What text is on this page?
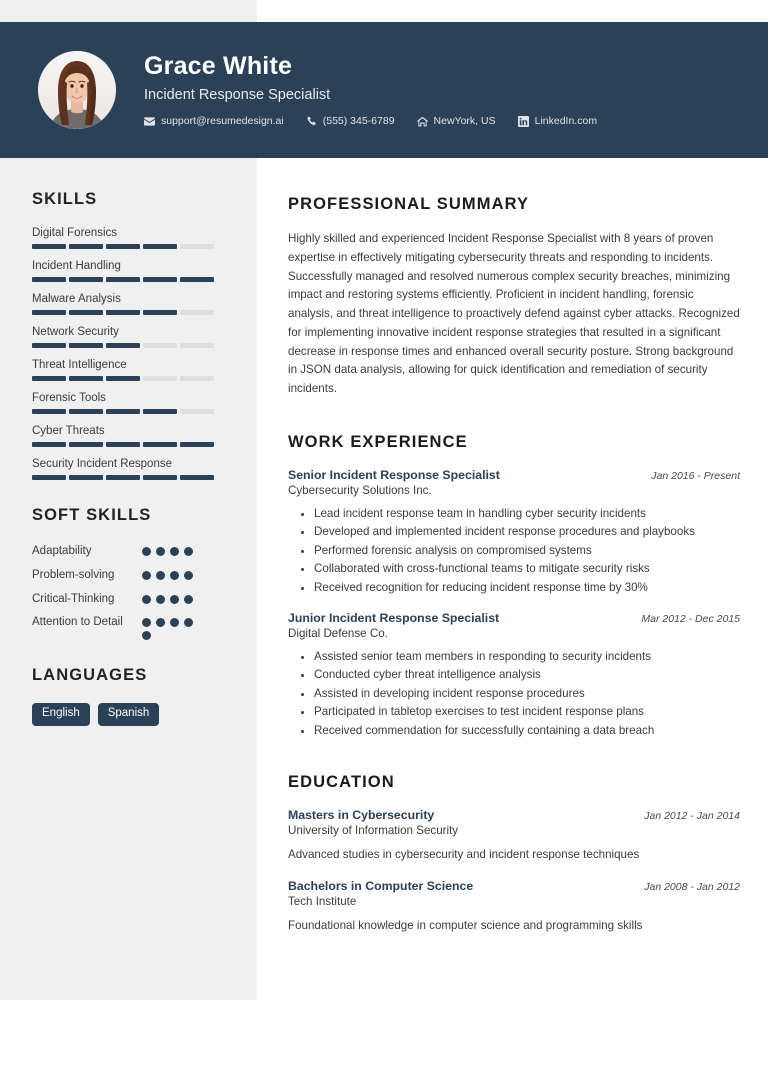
Grace White
Incident Response Specialist
support@resumedesign.ai	(555) 345-6789	NewYork, US	LinkedIn.com
SKILLS
Digital Forensics
Incident Handling
Malware Analysis
Network Security
Threat Intelligence
Forensic Tools
Cyber Threats
Security Incident Response
SOFT SKILLS
Adaptability
Problem-solving
Critical-Thinking
Attention to Detail
LANGUAGES
English	Spanish
PROFESSIONAL SUMMARY
Highly skilled and experienced Incident Response Specialist with 8 years of proven expertise in effectively mitigating cybersecurity threats and responding to incidents. Successfully managed and resolved numerous complex security breaches, minimizing impact and restoring systems efficiently. Proficient in incident handling, forensic analysis, and threat intelligence to proactively defend against cyber attacks. Recognized for implementing innovative incident response strategies that resulted in a significant decrease in response times and enhanced overall security posture. Strong background in JSON data analysis, allowing for quick identification and remediation of security incidents.
WORK EXPERIENCE
Senior Incident Response Specialist	Jan 2016 - Present
Cybersecurity Solutions Inc.
• Lead incident response team in handling cyber security incidents
• Developed and implemented incident response procedures and playbooks
• Performed forensic analysis on compromised systems
• Collaborated with cross-functional teams to mitigate security risks
• Received recognition for reducing incident response time by 30%
Junior Incident Response Specialist	Mar 2012 - Dec 2015
Digital Defense Co.
• Assisted senior team members in responding to security incidents
• Conducted cyber threat intelligence analysis
• Assisted in developing incident response procedures
• Participated in tabletop exercises to test incident response plans
• Received commendation for successfully containing a data breach
EDUCATION
Masters in Cybersecurity	Jan 2012 - Jan 2014
University of Information Security
Advanced studies in cybersecurity and incident response techniques
Bachelors in Computer Science	Jan 2008 - Jan 2012
Tech Institute
Foundational knowledge in computer science and programming skills
